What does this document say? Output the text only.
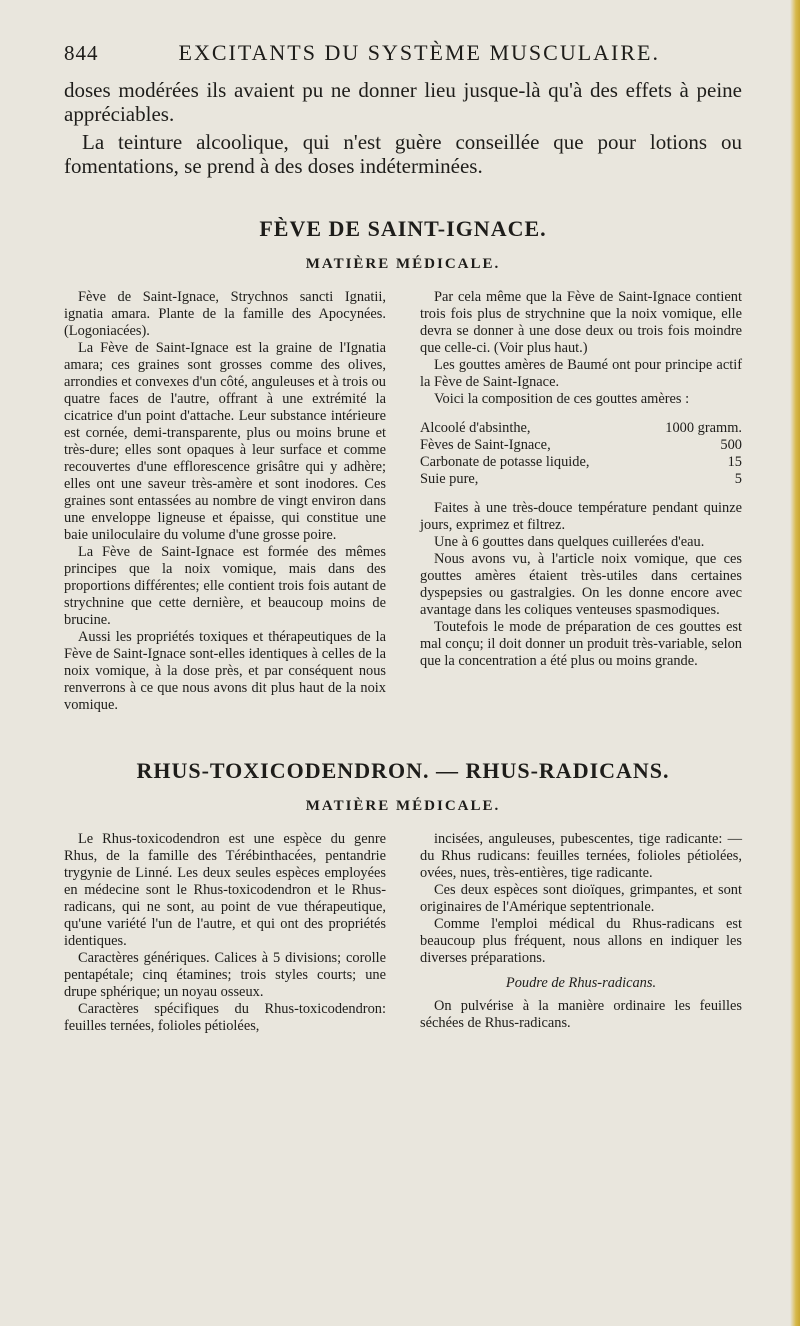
844	EXCITANTS DU SYSTÈME MUSCULAIRE.

doses modérées ils avaient pu ne donner lieu jusque-là qu'à des effets à peine appréciables.

La teinture alcoolique, qui n'est guère conseillée que pour lotions ou fomentations, se prend à des doses indéterminées.

FÈVE DE SAINT-IGNACE.
MATIÈRE MÉDICALE.

Fève de Saint-Ignace, Strychnos sancti Ignatii, ignatia amara. Plante de la famille des Apocynées. (Logoniacées).

La Fève de Saint-Ignace est la graine de l'Ignatia amara; ces graines sont grosses comme des olives, arrondies et convexes d'un côté, anguleuses et à trois ou quatre faces de l'autre, offrant à une extrémité la cicatrice d'un point d'attache. Leur substance intérieure est cornée, demi-transparente, plus ou moins brune et très-dure; elles sont opaques à leur surface et comme recouvertes d'une efflorescence grisâtre qui y adhère; elles ont une saveur très-amère et sont inodores. Ces graines sont entassées au nombre de vingt environ dans une enveloppe ligneuse et épaisse, qui constitue une baie uniloculaire du volume d'une grosse poire.

La Fève de Saint-Ignace est formée des mêmes principes que la noix vomique, mais dans des proportions différentes; elle contient trois fois autant de strychnine que cette dernière, et beaucoup moins de brucine.

Aussi les propriétés toxiques et thérapeutiques de la Fève de Saint-Ignace sont-elles identiques à celles de la noix vomique, à la dose près, et par conséquent nous renverrons à ce que nous avons dit plus haut de la noix vomique.

Par cela même que la Fève de Saint-Ignace contient trois fois plus de strychnine que la noix vomique, elle devra se donner à une dose deux ou trois fois moindre que celle-ci. (Voir plus haut.)

Les gouttes amères de Baumé ont pour principe actif la Fève de Saint-Ignace.

Voici la composition de ces gouttes amères :

Alcoolé d'absinthe,	1000 gramm.
Fèves de Saint-Ignace,	500
Carbonate de potasse liquide,	15
Suie pure,	5

Faites à une très-douce température pendant quinze jours, exprimez et filtrez.

Une à 6 gouttes dans quelques cuillerées d'eau.

Nous avons vu, à l'article noix vomique, que ces gouttes amères étaient très-utiles dans certaines dyspepsies ou gastralgies. On les donne encore avec avantage dans les coliques venteuses spasmodiques.

Toutefois le mode de préparation de ces gouttes est mal conçu; il doit donner un produit très-variable, selon que la concentration a été plus ou moins grande.

RHUS-TOXICODENDRON. — RHUS-RADICANS.
MATIÈRE MÉDICALE.

Le Rhus-toxicodendron est une espèce du genre Rhus, de la famille des Térébinthacées, pentandrie trygynie de Linné. Les deux seules espèces employées en médecine sont le Rhus-toxicodendron et le Rhus-radicans, qui ne sont, au point de vue thérapeutique, qu'une variété l'un de l'autre, et qui ont des propriétés identiques.

Caractères génériques. Calices à 5 divisions; corolle pentapétale; cinq étamines; trois styles courts; une drupe sphérique; un noyau osseux.

Caractères spécifiques du Rhus-toxicodendron: feuilles ternées, folioles pétiolées,

incisées, anguleuses, pubescentes, tige radicante: — du Rhus rudicans: feuilles ternées, folioles pétiolées, ovées, nues, très-entières, tige radicante.

Ces deux espèces sont dioïques, grimpantes, et sont originaires de l'Amérique septentrionale.

Comme l'emploi médical du Rhus-radicans est beaucoup plus fréquent, nous allons en indiquer les diverses préparations.

Poudre de Rhus-radicans.

On pulvérise à la manière ordinaire les feuilles séchées de Rhus-radicans.
